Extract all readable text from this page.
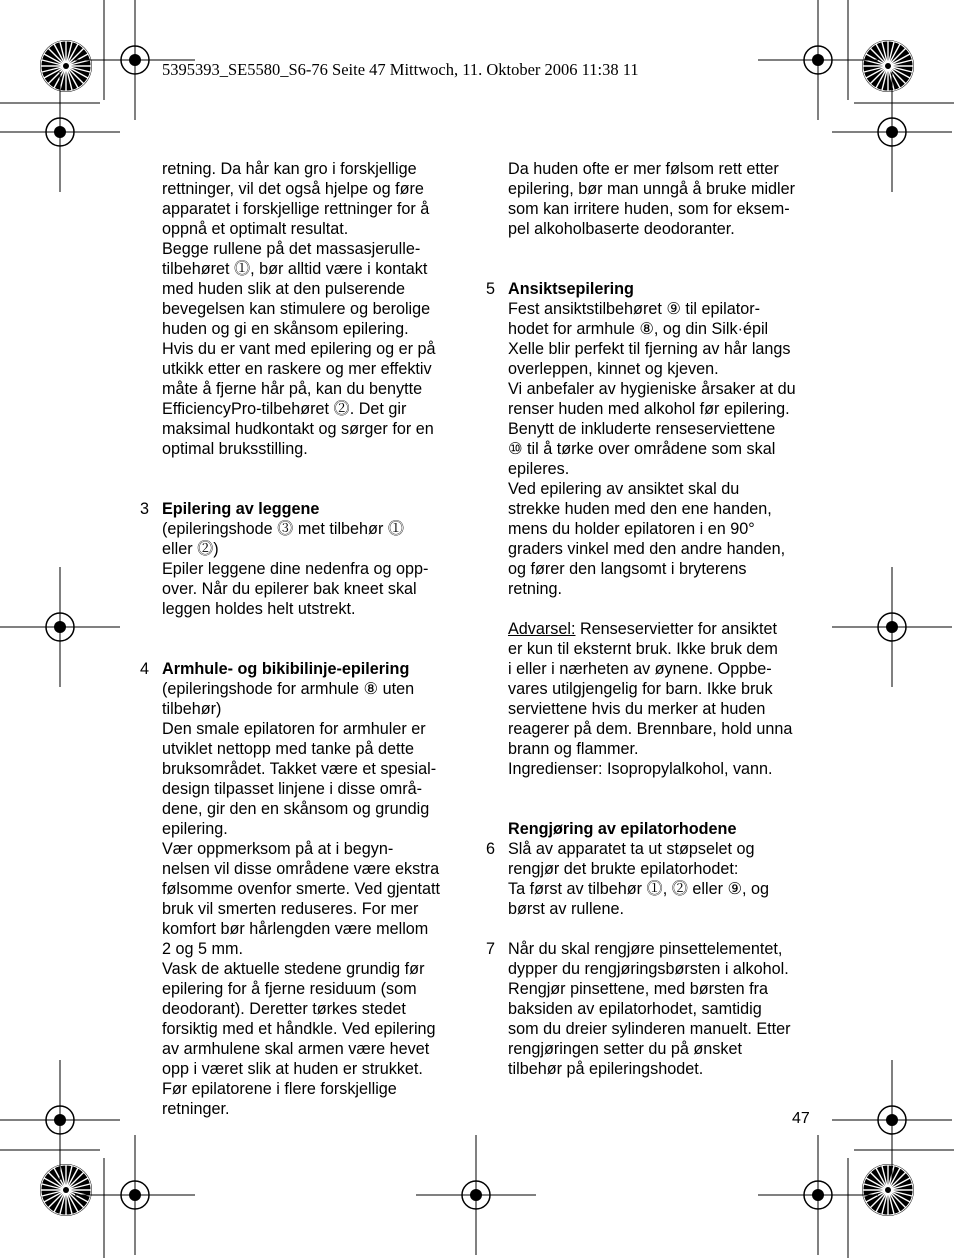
5395393_SE5580_S6-76 Seite 47 Mittwoch, 11. Oktober 2006 11:38 11

retning. Da hår kan gro i forskjellige
rettninger, vil det også hjelpe og føre
apparatet i forskjellige rettninger for å
oppnå et optimalt resultat.
Begge rullene på det massasjerulle-
tilbehøret ⓵, bør alltid være i kontakt
med huden slik at den pulserende
bevegelsen kan stimulere og berolige
huden og gi en skånsom epilering.
Hvis du er vant med epilering og er på
utkikk etter en raskere og mer effektiv
måte å fjerne hår på, kan du benytte
EfficiencyPro-tilbehøret ⓶. Det gir
maksimal hudkontakt og sørger for en
optimal bruksstilling.

3 Epilering av leggene

(epileringshode ⓷ met tilbehør ⓵
eller ⓶)
Epiler leggene dine nedenfra og opp-
over. Når du epilerer bak kneet skal
leggen holdes helt utstrekt.

4 Armhule- og bikibilinje-epilering

(epileringshode for armhule ⑧ uten
tilbehør)
Den smale epilatoren for armhuler er
utviklet nettopp med tanke på dette
bruksområdet. Takket være et spesial-
design tilpasset linjene i disse områ-
dene, gir den en skånsom og grundig
epilering.
Vær oppmerksom på at i begyn-
nelsen vil disse områdene være ekstra
følsomme ovenfor smerte. Ved gjentatt
bruk vil smerten reduseres. For mer
komfort bør hårlengden være mellom
2 og 5 mm.
Vask de aktuelle stedene grundig før
epilering for å fjerne residuum (som
deodorant). Deretter tørkes stedet
forsiktig med et håndkle. Ved epilering
av armhulene skal armen være hevet
opp i været slik at huden er strukket.
Før epilatorene i flere forskjellige
retninger.

Da huden ofte er mer følsom rett etter
epilering, bør man unngå å bruke midler
som kan irritere huden, som for eksem-
pel alkoholbaserte deodoranter.

5 Ansiktsepilering

Fest ansiktstilbehøret ⑨ til epilator-
hodet for armhule ⑧, og din Silk·épil
Xelle blir perfekt til fjerning av hår langs
overleppen, kinnet og kjeven.
Vi anbefaler av hygieniske årsaker at du
renser huden med alkohol før epilering.
Benytt de inkluderte renseserviettene
⑩ til å tørke over områdene som skal
epileres.
Ved epilering av ansiktet skal du
strekke huden med den ene handen,
mens du holder epilatoren i en 90°
graders vinkel med den andre handen,
og fører den langsomt i bryterens
retning.

Advarsel: Renseservietter for ansiktet
er kun til eksternt bruk. Ikke bruk dem
i eller i nærheten av øynene. Oppbe-
vares utilgjengelig for barn. Ikke bruk
serviettene hvis du merker at huden
reagerer på dem. Brennbare, hold unna
brann og flammer.
Ingredienser: Isopropylalkohol, vann.

Rengjøring av epilatorhodene
6 Slå av apparatet ta ut støpselet og
rengjør det brukte epilatorhodet:
Ta først av tilbehør ⓵, ⓶ eller ⑨, og
børst av rullene.

7 Når du skal rengjøre pinsettelementet,
dypper du rengjøringsbørsten i alkohol.
Rengjør pinsettene, med børsten fra
baksiden av epilatorhodet, samtidig
som du dreier sylinderen manuelt. Etter
rengjøringen setter du på ønsket
tilbehør på epileringshodet.

47
